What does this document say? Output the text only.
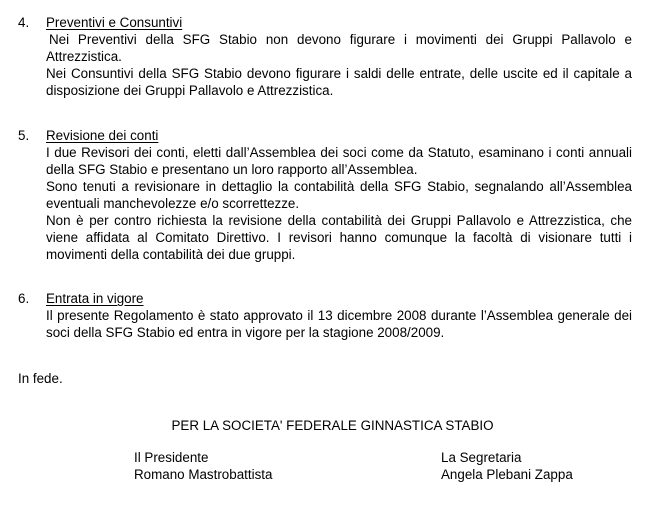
4. Preventivi e Consuntivi

Nei Preventivi della SFG Stabio non devono figurare i movimenti dei Gruppi Pallavolo e Attrezzistica.

Nei Consuntivi della SFG Stabio devono figurare i saldi delle entrate, delle uscite ed il capitale a disposizione dei Gruppi Pallavolo e Attrezzistica.

5. Revisione dei conti

I due Revisori dei conti, eletti dall’Assemblea dei soci come da Statuto, esaminano i conti annuali della SFG Stabio e presentano un loro rapporto all’Assemblea.

Sono tenuti a revisionare in dettaglio la contabilità della SFG Stabio, segnalando all’Assemblea eventuali manchevolezze e/o scorrettezze.

Non è per contro richiesta la revisione della contabilità dei Gruppi Pallavolo e Attrezzistica, che viene affidata al Comitato Direttivo. I revisori hanno comunque la facoltà di visionare tutti i movimenti della contabilità dei due gruppi.

6. Entrata in vigore

Il presente Regolamento è stato approvato il 13 dicembre 2008 durante l’Assemblea generale dei soci della SFG Stabio ed entra in vigore per la stagione 2008/2009.

In fede.
PER LA SOCIETA' FEDERALE GINNASTICA STABIO
Il Presidente
Romano Mastrobattista
La Segretaria
Angela Plebani Zappa
